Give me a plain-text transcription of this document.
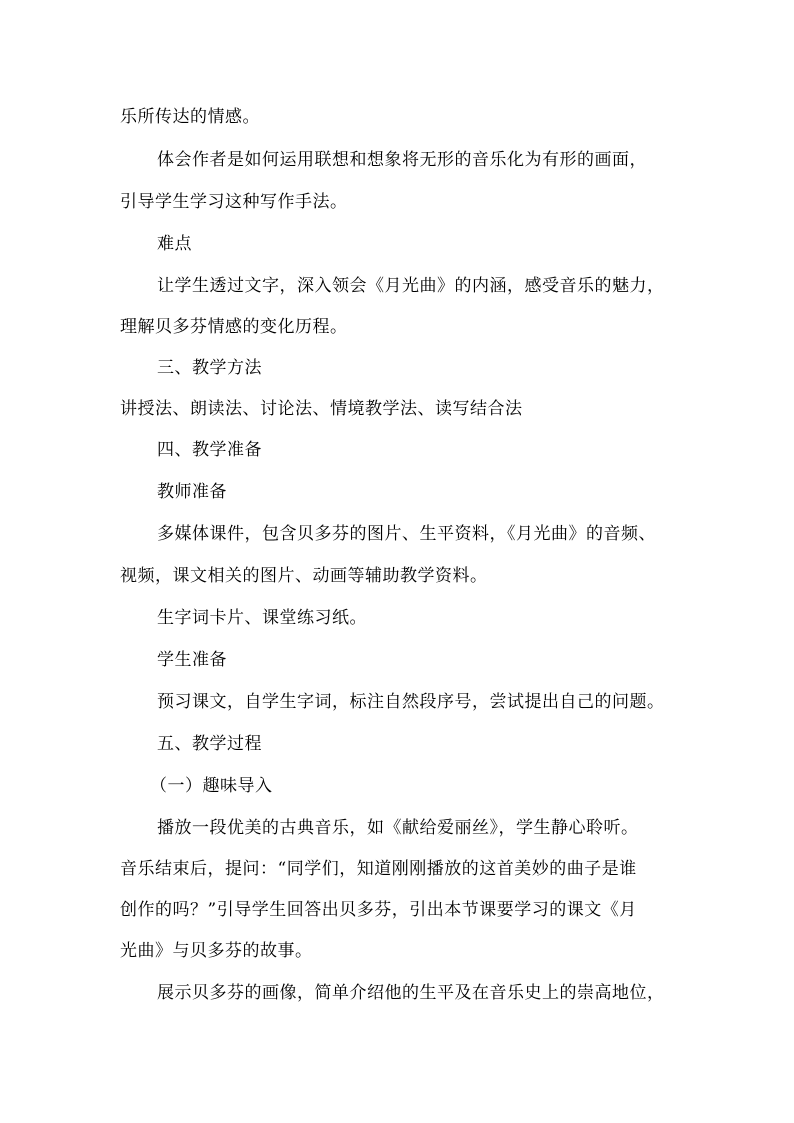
乐所传达的情感。
体会作者是如何运用联想和想象将无形的音乐化为有形的画面，
引导学生学习这种写作手法。
难点
让学生透过文字，深入领会《月光曲》的内涵，感受音乐的魅力，
理解贝多芬情感的变化历程。
三、教学方法
讲授法、朗读法、讨论法、情境教学法、读写结合法
四、教学准备
教师准备
多媒体课件，包含贝多芬的图片、生平资料，《月光曲》的音频、
视频，课文相关的图片、动画等辅助教学资料。
生字词卡片、课堂练习纸。
学生准备
预习课文，自学生字词，标注自然段序号，尝试提出自己的问题。
五、教学过程
（一）趣味导入
播放一段优美的古典音乐，如《献给爱丽丝》，学生静心聆听。
音乐结束后，提问：“同学们，知道刚刚播放的这首美妙的曲子是谁
创作的吗？”引导学生回答出贝多芬，引出本节课要学习的课文《月
光曲》与贝多芬的故事。
展示贝多芬的画像，简单介绍他的生平及在音乐史上的崇高地位，
